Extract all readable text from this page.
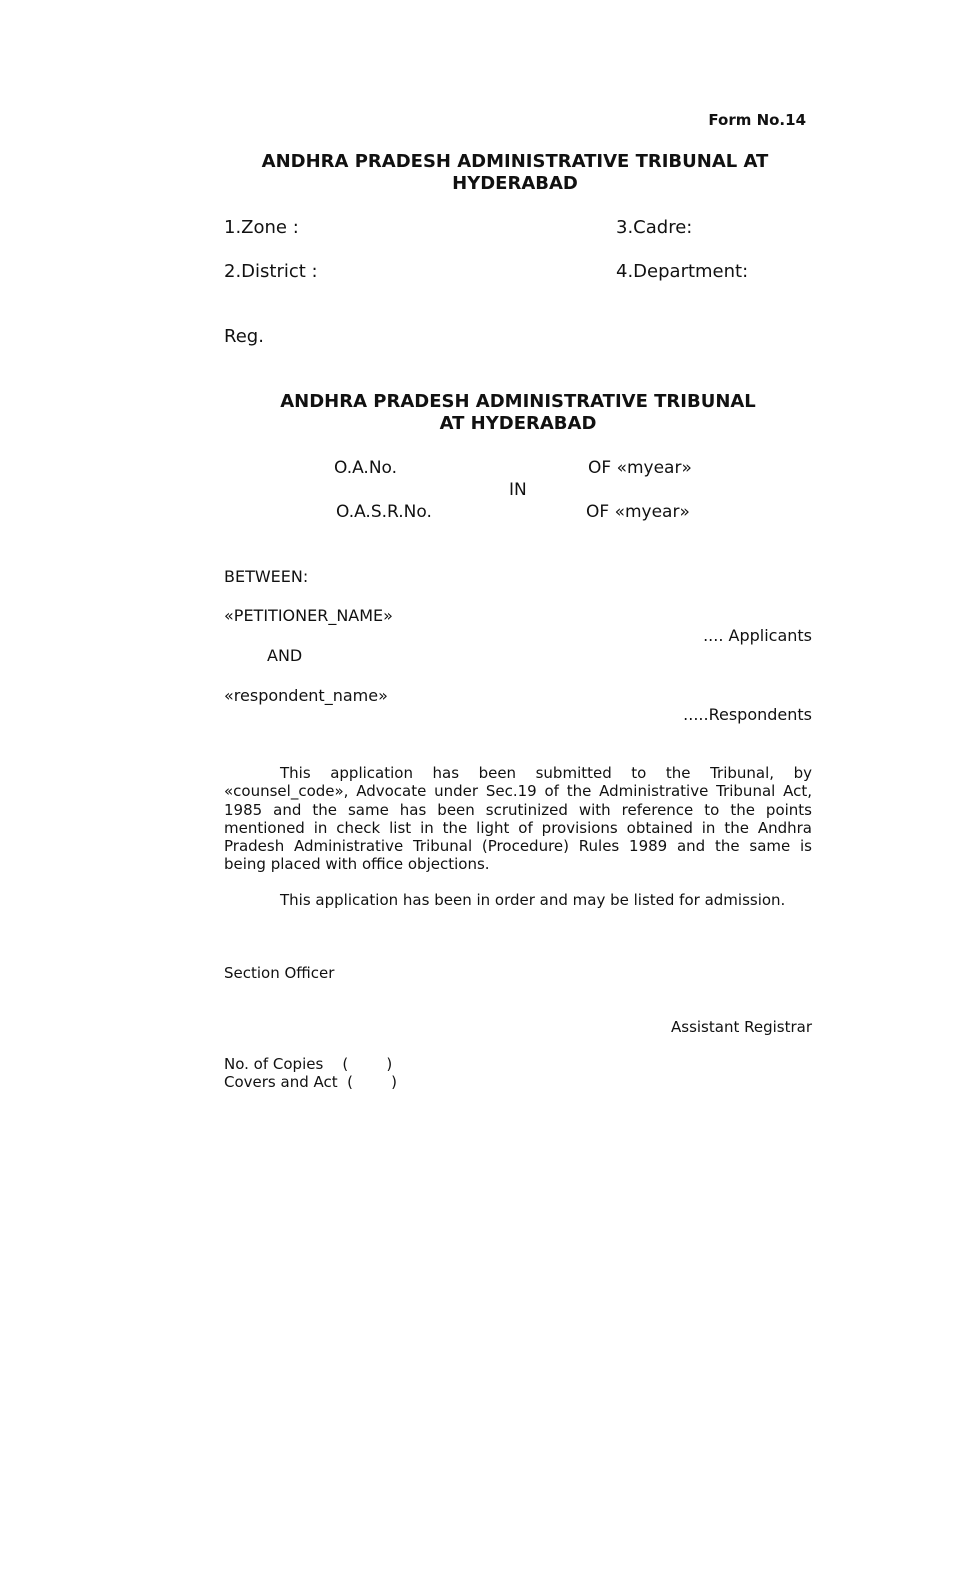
Form No.14
ANDHRA PRADESH ADMINISTRATIVE TRIBUNAL AT
HYDERABAD
1.Zone :	3.Cadre:
2.District :	4.Department:
Reg.
ANDHRA PRADESH ADMINISTRATIVE TRIBUNAL
AT HYDERABAD
O.A.No.	OF «myear»
IN
O.A.S.R.No.	OF «myear»
BETWEEN:
«PETITIONER_NAME»
.... Applicants
AND
«respondent_name»
.....Respondents
This application has been submitted to the Tribunal, by «counsel_code», Advocate under Sec.19 of the Administrative Tribunal Act, 1985 and the same has been scrutinized with reference to the points mentioned in check list in the light of provisions obtained in the Andhra Pradesh Administrative Tribunal (Procedure) Rules 1989 and the same is being placed with office objections.
This application has been in order and may be listed for admission.
Section Officer
Assistant Registrar
No. of Copies    (        )
Covers and Act  (        )
